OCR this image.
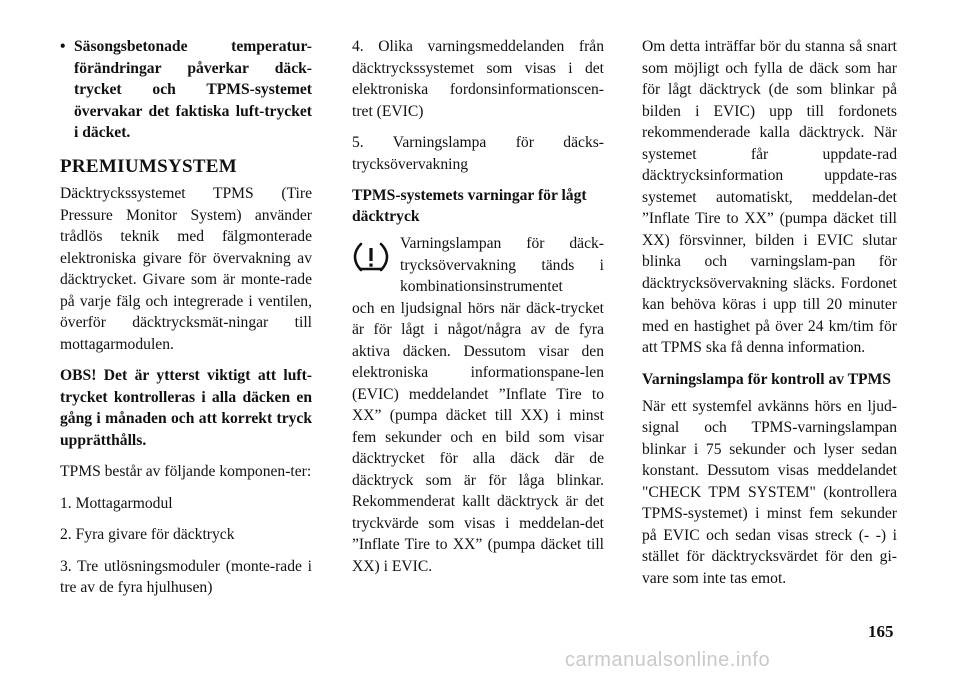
• Säsongsbetonade temperatur-förändringar påverkar däck-trycket och TPMS-systemet övervakar det faktiska luft-trycket i däcket.
PREMIUMSYSTEM

Däcktryckssystemet TPMS (Tire Pressure Monitor System) använder trådlös teknik med fälgmonterade elektroniska givare för övervakning av däcktrycket. Givare som är monte-rade på varje fälg och integrerade i ventilen, överför däcktrycksmät-ningar till mottagarmodulen.

OBS! Det är ytterst viktigt att luft-trycket kontrolleras i alla däcken en gång i månaden och att korrekt tryck upprätthålls.

TPMS består av följande komponen-ter:

1. Mottagarmodul

2. Fyra givare för däcktryck

3. Tre utlösningsmoduler (monte-rade i tre av de fyra hjulhusen)

4. Olika varningsmeddelanden från däcktryckssystemet som visas i det elektroniska fordonsinformationscen-tret (EVIC)

5. Varningslampa för däcks-trycksövervakning

TPMS-systemets varningar för lågt däcktryck
Varningslampan för däck-trycksövervakning tänds i kombinationsinstrumentet

och en ljudsignal hörs när däck-trycket är för lågt i något/några av de fyra aktiva däcken. Dessutom visar den elektroniska informationspane-len (EVIC) meddelandet ”Inflate Tire to XX” (pumpa däcket till XX) i minst fem sekunder och en bild som visar däcktrycket för alla däck där de däcktryck som är för låga blinkar. Rekommenderat kallt däcktryck är det tryckvärde som visas i meddelan-det ”Inflate Tire to XX” (pumpa däcket till XX) i EVIC.

Om detta inträffar bör du stanna så snart som möjligt och fylla de däck som har för lågt däcktryck (de som blinkar på bilden i EVIC) upp till fordonets rekommenderade kalla däcktryck. När systemet får uppdate-rad däcktrycksinformation uppdate-ras systemet automatiskt, meddelan-det ”Inflate Tire to XX” (pumpa däcket till XX) försvinner, bilden i EVIC slutar blinka och varningslam-pan för däcktrycksövervakning släcks. Fordonet kan behöva köras i upp till 20 minuter med en hastighet på över 24 km/tim för att TPMS ska få denna information.

Varningslampa för kontroll av TPMS

När ett systemfel avkänns hörs en ljud-signal och TPMS-varningslampan blinkar i 75 sekunder och lyser sedan konstant. Dessutom visas meddelandet "CHECK TPM SYSTEM" (kontrollera TPMS-systemet) i minst fem sekunder på EVIC och sedan visas streck (- -) i stället för däcktrycksvärdet för den gi-vare som inte tas emot.

165
carmanualsonline.info
